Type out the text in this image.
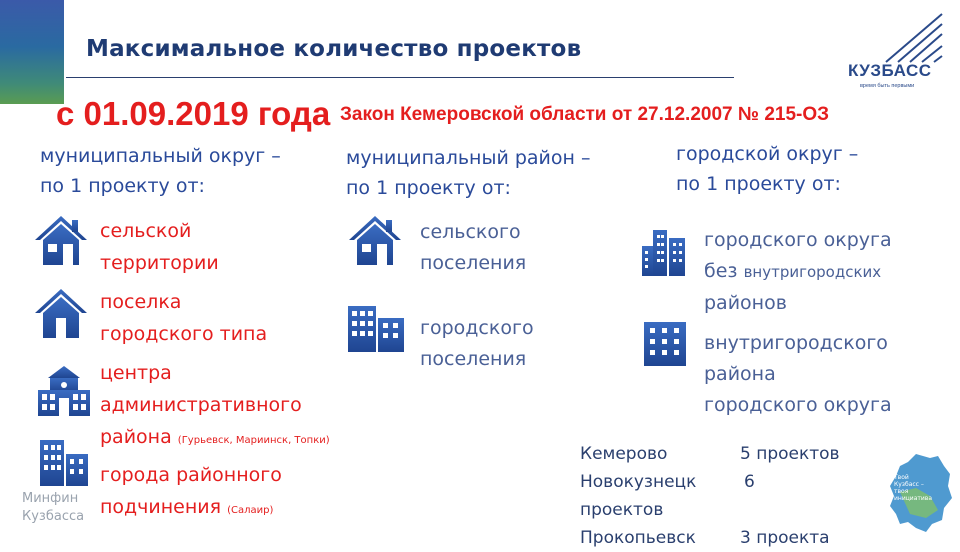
Максимальное количество проектов
КУЗБАСС
время быть первыми
с 01.09.2019 года Закон Кемеровской области от 27.12.2007 № 215-ОЗ
муниципальный округ –
по 1 проекту от:
сельской
территории
поселка
городского типа
центра
административного
района (Гурьевск, Мариинск, Топки)
города районного
подчинения (Салаир)
муниципальный район –
по 1 проекту от:
сельского
поселения
городского
поселения
городской округ –
по 1 проекту от:
городского округа
без внутригородских
районов
внутригородского
района
городского округа
Кемерово	5 проектов
Новокузнецк	6
проектов
Прокопьевск	3 проекта
Минфин
Кузбасса
Твой Кузбасс – твоя инициатива
